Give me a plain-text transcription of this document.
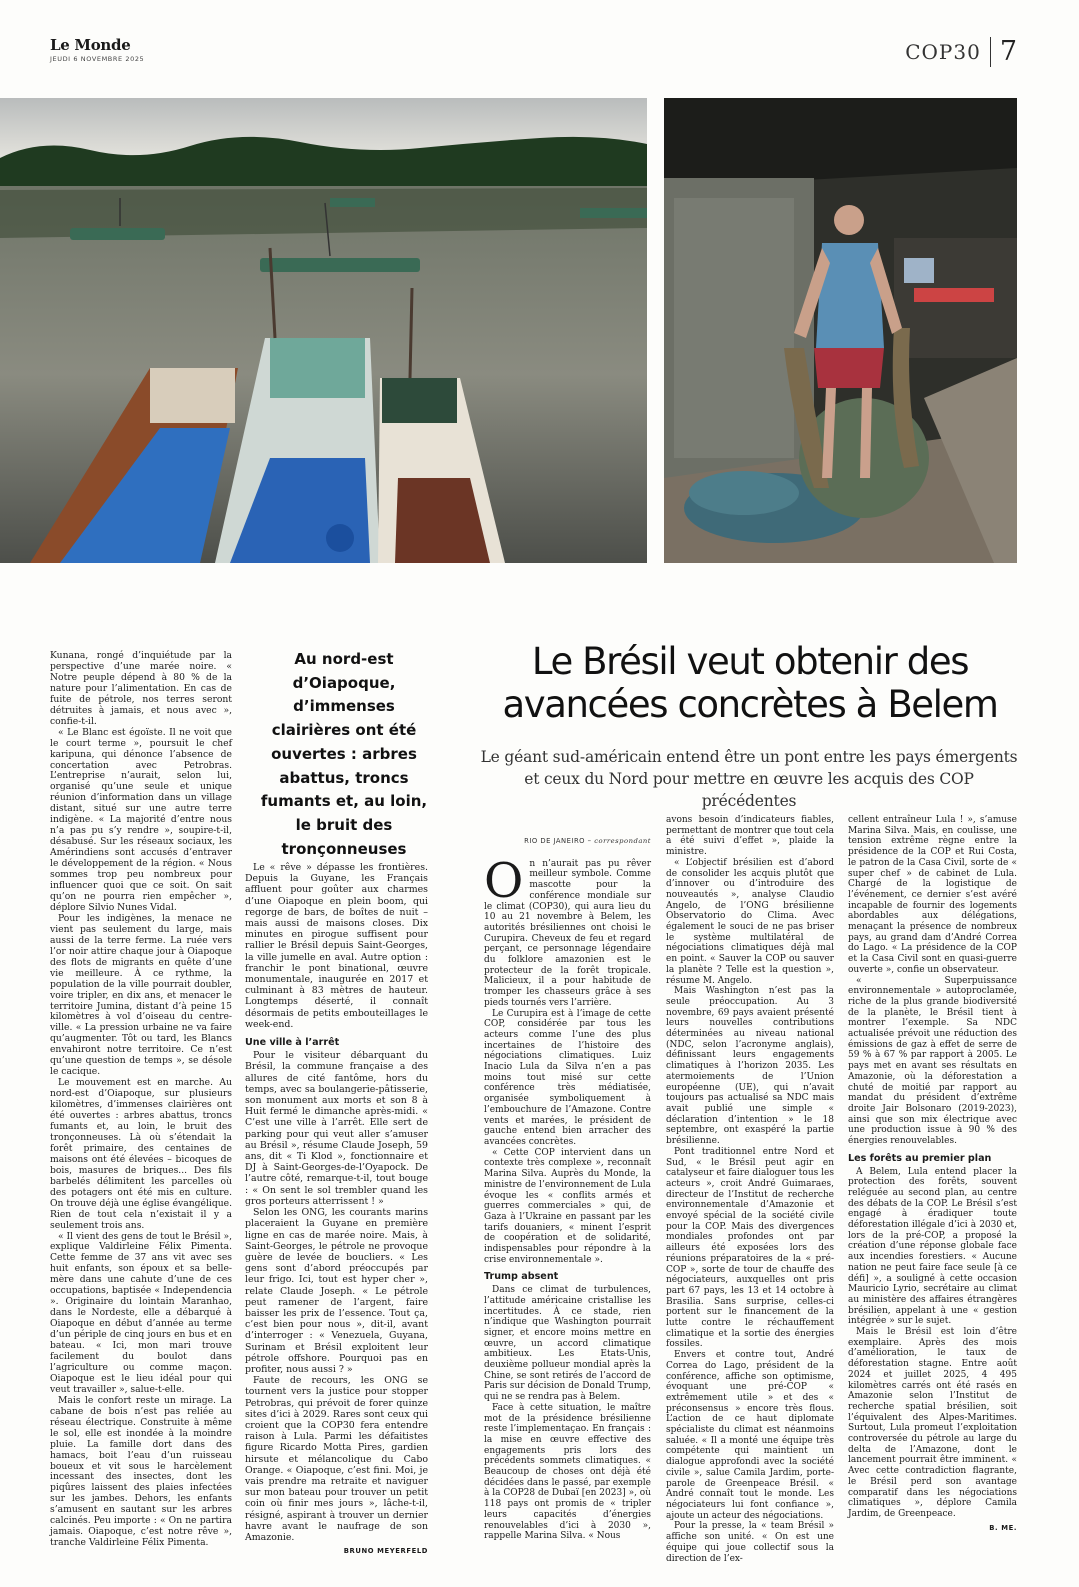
Le Monde
JEUDI 6 NOVEMBRE 2025	COP30 7

Kunana, rongé d’inquiétude par la perspective d’une marée noire. « Notre peuple dépend à 80 % de la nature pour l’alimentation. En cas de fuite de pétrole, nos terres seront détruites à jamais, et nous avec », confie-t-il.

« Le Blanc est égoïste. Il ne voit que le court terme », poursuit le chef karipuna, qui dénonce l’absence de concertation avec Petrobras. L’entreprise n’aurait, selon lui, organisé qu’une seule et unique réunion d’information dans un village distant, situé sur une autre terre indigène. « La majorité d’entre nous n’a pas pu s’y rendre », soupire-t-il, désabusé. Sur les réseaux sociaux, les Amérindiens sont accusés d’entraver le développement de la région. « Nous sommes trop peu nombreux pour influencer quoi que ce soit. On sait qu’on ne pourra rien empêcher », déplore Silvio Nunes Vidal.

Pour les indigènes, la menace ne vient pas seulement du large, mais aussi de la terre ferme. La ruée vers l’or noir attire chaque jour à Oiapoque des flots de migrants en quête d’une vie meilleure. À ce rythme, la population de la ville pourrait doubler, voire tripler, en dix ans, et menacer le territoire Jumina, distant d’à peine 15 kilomètres à vol d’oiseau du centre-ville. « La pression urbaine ne va faire qu’augmenter. Tôt ou tard, les Blancs envahiront notre territoire. Ce n’est qu’une question de temps », se désole le cacique.

Le mouvement est en marche. Au nord-est d’Oiapoque, sur plusieurs kilomètres, d’immenses clairières ont été ouvertes : arbres abattus, troncs fumants et, au loin, le bruit des tronçonneuses. Là où s’étendait la forêt primaire, des centaines de maisons ont été élevées – bicoques de bois, masures de briques... Des fils barbelés délimitent les parcelles où des potagers ont été mis en culture. On trouve déjà une église évangélique. Rien de tout cela n’existait il y a seulement trois ans.

« Il vient des gens de tout le Brésil », explique Valdirleine Félix Pimenta. Cette femme de 37 ans vit avec ses huit enfants, son époux et sa belle-mère dans une cahute d’une de ces occupations, baptisée « Independencia ». Originaire du lointain Maranhao, dans le Nordeste, elle a débarqué à Oiapoque en début d’année au terme d’un périple de cinq jours en bus et en bateau. « Ici, mon mari trouve facilement du boulot dans l’agriculture ou comme maçon. Oiapoque est le lieu idéal pour qui veut travailler », salue-t-elle.

Mais le confort reste un mirage. La cabane de bois n’est pas reliée au réseau électrique. Construite à même le sol, elle est inondée à la moindre pluie. La famille dort dans des hamacs, boit l’eau d’un ruisseau boueux et vit sous le harcèlement incessant des insectes, dont les piqûres laissent des plaies infectées sur les jambes. Dehors, les enfants s’amusent en sautant sur les arbres calcinés. Peu importe : « On ne partira jamais. Oiapoque, c’est notre rêve », tranche Valdirleine Félix Pimenta.

Au nord-est d’Oiapoque, d’immenses clairières ont été ouvertes : arbres abattus, troncs fumants et, au loin, le bruit des tronçonneuses

Le « rêve » dépasse les frontières. Depuis la Guyane, les Français affluent pour goûter aux charmes d’une Oiapoque en plein boom, qui regorge de bars, de boîtes de nuit – mais aussi de maisons closes. Dix minutes en pirogue suffisent pour rallier le Brésil depuis Saint-Georges, la ville jumelle en aval. Autre option : franchir le pont binational, œuvre monumentale, inaugurée en 2017 et culminant à 83 mètres de hauteur. Longtemps déserté, il connaît désormais de petits embouteillages le week-end.

Une ville à l’arrêt

Pour le visiteur débarquant du Brésil, la commune française a des allures de cité fantôme, hors du temps, avec sa boulangerie-pâtisserie, son monument aux morts et son 8 à Huit fermé le dimanche après-midi. « C’est une ville à l’arrêt. Elle sert de parking pour qui veut aller s’amuser au Brésil », résume Claude Joseph, 59 ans, dit « Ti Klod », fonctionnaire et DJ à Saint-Georges-de-l’Oyapock. De l’autre côté, remarque-t-il, tout bouge : « On sent le sol trembler quand les gros porteurs atterrissent ! »

Selon les ONG, les courants marins placeraient la Guyane en première ligne en cas de marée noire. Mais, à Saint-Georges, le pétrole ne provoque guère de levée de boucliers. « Les gens sont d’abord préoccupés par leur frigo. Ici, tout est hyper cher », relate Claude Joseph. « Le pétrole peut ramener de l’argent, faire baisser les prix de l’essence. Tout ça, c’est bien pour nous », dit-il, avant d’interroger : « Venezuela, Guyana, Surinam et Brésil exploitent leur pétrole offshore. Pourquoi pas en profiter, nous aussi ? »

Faute de recours, les ONG se tournent vers la justice pour stopper Petrobras, qui prévoit de forer quinze sites d’ici à 2029. Rares sont ceux qui croient que la COP30 fera entendre raison à Lula. Parmi les défaitistes figure Ricardo Motta Pires, gardien hirsute et mélancolique du Cabo Orange. « Oiapoque, c’est fini. Moi, je vais prendre ma retraite et naviguer sur mon bateau pour trouver un petit coin où finir mes jours », lâche-t-il, résigné, aspirant à trouver un dernier havre avant le naufrage de son Amazonie.

BRUNO MEYERFELD
Le Brésil veut obtenir des avancées concrètes à Belem
Le géant sud-américain entend être un pont entre les pays émergents et ceux du Nord pour mettre en œuvre les acquis des COP précédentes
RIO DE JANEIRO – correspondant

On n’aurait pas pu rêver meilleur symbole. Comme mascotte pour la conférence mondiale sur le climat (COP30), qui aura lieu du 10 au 21 novembre à Belem, les autorités brésiliennes ont choisi le Curupira. Cheveux de feu et regard perçant, ce personnage légendaire du folklore amazonien est le protecteur de la forêt tropicale. Malicieux, il a pour habitude de tromper les chasseurs grâce à ses pieds tournés vers l’arrière.

Le Curupira est à l’image de cette COP, considérée par tous les acteurs comme l’une des plus incertaines de l’histoire des négociations climatiques. Luiz Inacio Lula da Silva n’en a pas moins tout misé sur cette conférence très médiatisée, organisée symboliquement à l’embouchure de l’Amazone. Contre vents et marées, le président de gauche entend bien arracher des avancées concrètes.

« Cette COP intervient dans un contexte très complexe », reconnaît Marina Silva. Auprès du Monde, la ministre de l’environnement de Lula évoque les « conflits armés et guerres commerciales » qui, de Gaza à l’Ukraine en passant par les tarifs douaniers, « minent l’esprit de coopération et de solidarité, indispensables pour répondre à la crise environnementale ».

Trump absent

Dans ce climat de turbulences, l’attitude américaine cristallise les incertitudes. À ce stade, rien n’indique que Washington pourrait signer, et encore moins mettre en œuvre, un accord climatique ambitieux. Les Etats-Unis, deuxième pollueur mondial après la Chine, se sont retirés de l’accord de Paris sur décision de Donald Trump, qui ne se rendra pas à Belem.

Face à cette situation, le maître mot de la présidence brésilienne reste l’implementaçao. En français : la mise en œuvre effective des engagements pris lors des précédents sommets climatiques. « Beaucoup de choses ont déjà été décidées dans le passé, par exemple à la COP28 de Dubaï [en 2023] », où 118 pays ont promis de « tripler leurs capacités d’énergies renouvelables d’ici à 2030 », rappelle Marina Silva. « Nous

avons besoin d’indicateurs fiables, permettant de montrer que tout cela a été suivi d’effet », plaide la ministre.

« L’objectif brésilien est d’abord de consolider les acquis plutôt que d’innover ou d’introduire des nouveautés », analyse Claudio Angelo, de l’ONG brésilienne Observatorio do Clima. Avec également le souci de ne pas briser le système multilatéral de négociations climatiques déjà mal en point. « Sauver la COP ou sauver la planète ? Telle est la question », résume M. Angelo.

Mais Washington n’est pas la seule préoccupation. Au 3 novembre, 69 pays avaient présenté leurs nouvelles contributions déterminées au niveau national (NDC, selon l’acronyme anglais), définissant leurs engagements climatiques à l’horizon 2035. Les atermoiements de l’Union européenne (UE), qui n’avait toujours pas actualisé sa NDC mais avait publié une simple « déclaration d’intention » le 18 septembre, ont exaspéré la partie brésilienne.

Pont traditionnel entre Nord et Sud, « le Brésil peut agir en catalyseur et faire dialoguer tous les acteurs », croit André Guimaraes, directeur de l’Institut de recherche environnementale d’Amazonie et envoyé spécial de la société civile pour la COP. Mais des divergences mondiales profondes ont par ailleurs été exposées lors des réunions préparatoires de la « pré-COP », sorte de tour de chauffe des négociateurs, auxquelles ont pris part 67 pays, les 13 et 14 octobre à Brasilia. Sans surprise, celles-ci portent sur le financement de la lutte contre le réchauffement climatique et la sortie des énergies fossiles.

Envers et contre tout, André Correa do Lago, président de la conférence, affiche son optimisme, évoquant une pré-COP « extrêmement utile » et des « préconsensus » encore très flous. L’action de ce haut diplomate spécialiste du climat est néanmoins saluée. « Il a monté une équipe très compétente qui maintient un dialogue approfondi avec la société civile », salue Camila Jardim, porte-parole de Greenpeace Brésil. « André connaît tout le monde. Les négociateurs lui font confiance », ajoute un acteur des négociations.

Pour la presse, la « team Brésil » affiche son unité. « On est une équipe qui joue collectif sous la direction de l’ex-

cellent entraîneur Lula ! », s’amuse Marina Silva. Mais, en coulisse, une tension extrême règne entre la présidence de la COP et Rui Costa, le patron de la Casa Civil, sorte de « super chef » de cabinet de Lula. Chargé de la logistique de l’événement, ce dernier s’est avéré incapable de fournir des logements abordables aux délégations, menaçant la présence de nombreux pays, au grand dam d’André Correa do Lago. « La présidence de la COP et la Casa Civil sont en quasi-guerre ouverte », confie un observateur.

« Superpuissance environnementale » autoproclamée, riche de la plus grande biodiversité de la planète, le Brésil tient à montrer l’exemple. Sa NDC actualisée prévoit une réduction des émissions de gaz à effet de serre de 59 % à 67 % par rapport à 2005. Le pays met en avant ses résultats en Amazonie, où la déforestation a chuté de moitié par rapport au mandat du président d’extrême droite Jair Bolsonaro (2019-2023), ainsi que son mix électrique avec une production issue à 90 % des énergies renouvelables.

Les forêts au premier plan

A Belem, Lula entend placer la protection des forêts, souvent reléguée au second plan, au centre des débats de la COP. Le Brésil s’est engagé à éradiquer toute déforestation illégale d’ici à 2030 et, lors de la pré-COP, a proposé la création d’une réponse globale face aux incendies forestiers. « Aucune nation ne peut faire face seule [à ce défi] », a souligné à cette occasion Mauricio Lyrio, secrétaire au climat au ministère des affaires étrangères brésilien, appelant à une « gestion intégrée » sur le sujet.

Mais le Brésil est loin d’être exemplaire. Après des mois d’amélioration, le taux de déforestation stagne. Entre août 2024 et juillet 2025, 4 495 kilomètres carrés ont été rasés en Amazonie selon l’Institut de recherche spatial brésilien, soit l’équivalent des Alpes-Maritimes. Surtout, Lula promeut l’exploitation controversée du pétrole au large du delta de l’Amazone, dont le lancement pourrait être imminent. « Avec cette contradiction flagrante, le Brésil perd son avantage comparatif dans les négociations climatiques », déplore Camila Jardim, de Greenpeace.

B. ME.
